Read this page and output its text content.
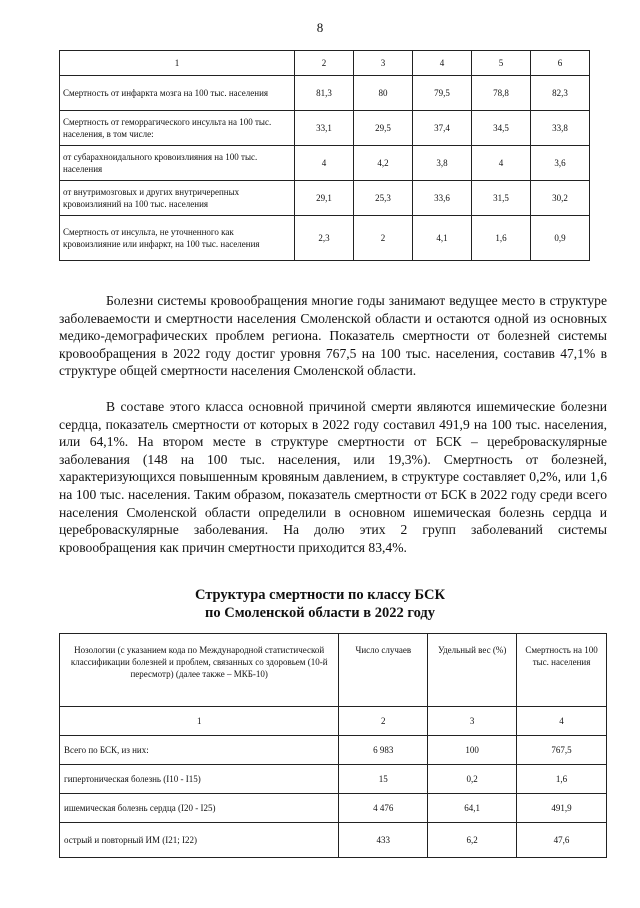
8
1	2	3	4	5	6
Смертность от инфаркта мозга на 100 тыс. населения	81,3	80	79,5	78,8	82,3
Смертность от геморрагического инсульта на 100 тыс. населения, в том числе:	33,1	29,5	37,4	34,5	33,8
от субарахноидального кровоизлияния на 100 тыс. населения	4	4,2	3,8	4	3,6
от внутримозговых и других внутричерепных кровоизлияний на 100 тыс. населения	29,1	25,3	33,6	31,5	30,2
Смертность от инсульта, не уточненного как кровоизлияние или инфаркт, на 100 тыс. населения	2,3	2	4,1	1,6	0,9

Болезни системы кровообращения многие годы занимают ведущее место в структуре заболеваемости и смертности населения Смоленской области и остаются одной из основных медико-демографических проблем региона. Показатель смертности от болезней системы кровообращения в 2022 году достиг уровня 767,5 на 100 тыс. населения, составив 47,1% в структуре общей смертности населения Смоленской области.

В составе этого класса основной причиной смерти являются ишемические болезни сердца, показатель смертности от которых в 2022 году составил 491,9 на 100 тыс. населения, или 64,1%. На втором месте в структуре смертности от БСК – цереброваскулярные заболевания (148 на 100 тыс. населения, или 19,3%). Смертность от болезней, характеризующихся повышенным кровяным давлением, в структуре составляет 0,2%, или 1,6 на 100 тыс. населения. Таким образом, показатель смертности от БСК в 2022 году среди всего населения Смоленской области определили в основном ишемическая болезнь сердца и цереброваскулярные заболевания. На долю этих 2 групп заболеваний системы кровообращения как причин смертности приходится 83,4%.

Структура смертности по классу БСК
по Смоленской области в 2022 году
Нозологии (с указанием кода по Международной статистической классификации болезней и проблем, связанных со здоровьем (10-й пересмотр) (далее также – МКБ-10)	Число случаев	Удельный вес (%)	Смертность на 100 тыс. населения
1	2	3	4
Всего по БСК, из них:	6 983	100	767,5
гипертоническая болезнь (I10 - I15)	15	0,2	1,6
ишемическая болезнь сердца (I20 - I25)	4 476	64,1	491,9
острый и повторный ИМ (I21; I22)	433	6,2	47,6
